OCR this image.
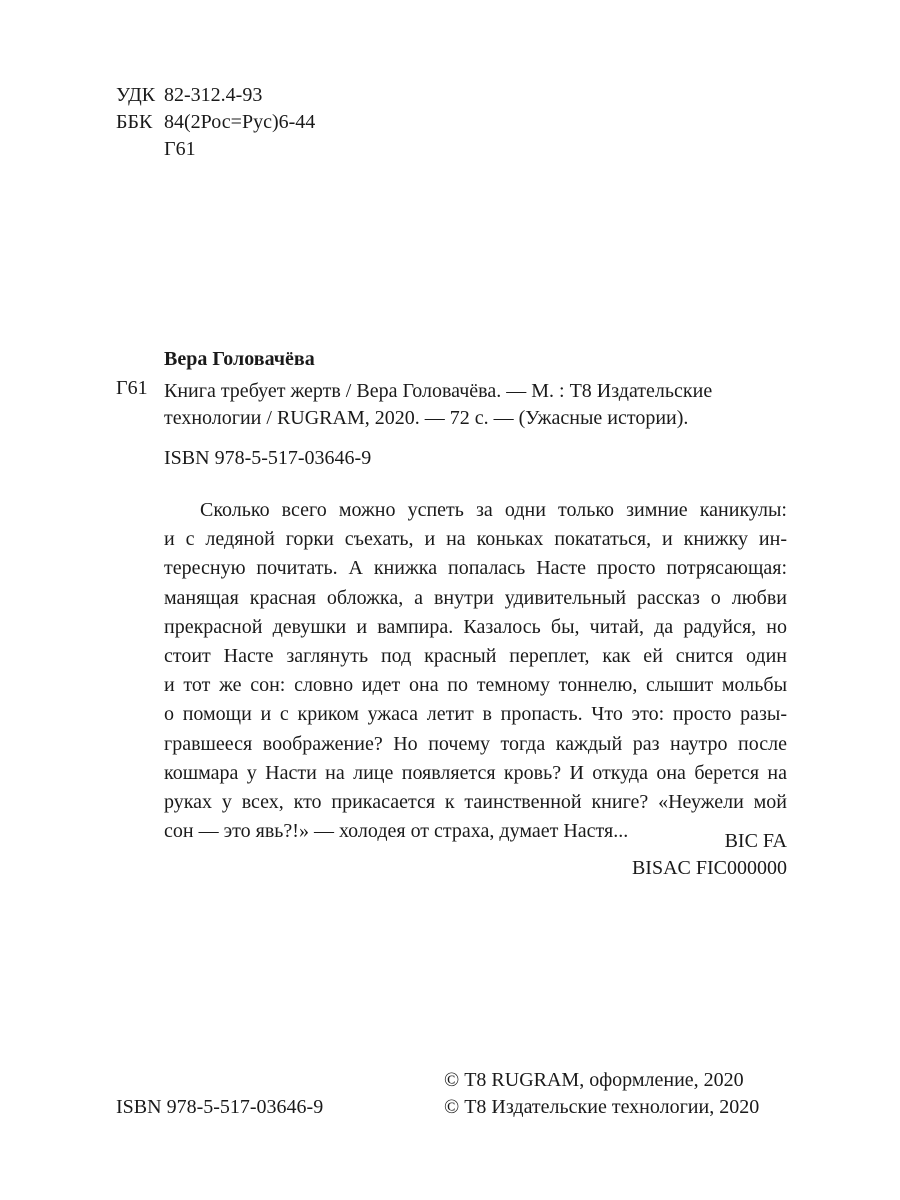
УДК 82-312.4-93
ББК 84(2Рос=Рус)6-44
Г61
Вера Головачёва
Г61 Книга требует жертв / Вера Головачёва. — М. : Т8 Издательские
технологии / RUGRAM, 2020. — 72 с. — (Ужасные истории).
ISBN 978-5-517-03646-9
Сколько всего можно успеть за одни только зимние каникулы:
и с ледяной горки съехать, и на коньках покататься, и книжку ин-
тересную почитать. А книжка попалась Насте просто потрясающая:
манящая красная обложка, а внутри удивительный рассказ о любви
прекрасной девушки и вампира. Казалось бы, читай, да радуйся, но
стоит Насте заглянуть под красный переплет, как ей снится один
и тот же сон: словно идет она по темному тоннелю, слышит мольбы
о помощи и с криком ужаса летит в пропасть. Что это: просто разы-
гравшееся воображение? Но почему тогда каждый раз наутро после
кошмара у Насти на лице появляется кровь? И откуда она берется на
руках у всех, кто прикасается к таинственной книге? «Неужели мой
сон — это явь?!» — холодея от страха, думает Настя...	BIC FA
BISAC FIC000000
© Т8 RUGRAM, оформление, 2020
ISBN 978-5-517-03646-9	© Т8 Издательские технологии, 2020
